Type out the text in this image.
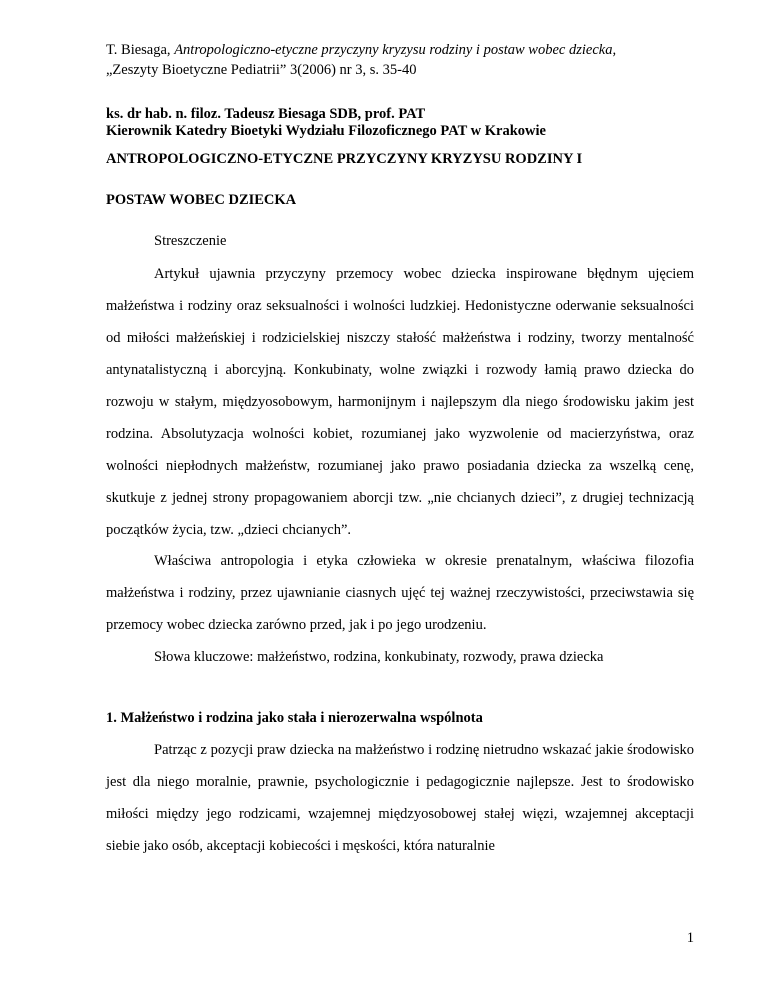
T. Biesaga, Antropologiczno-etyczne przyczyny kryzysu rodziny i postaw wobec dziecka,
„Zeszyty Bioetyczne Pediatrii” 3(2006) nr 3, s. 35-40
ks. dr hab. n. filoz. Tadeusz Biesaga SDB, prof. PAT
Kierownik Katedry Bioetyki Wydziału Filozoficznego PAT w Krakowie
ANTROPOLOGICZNO-ETYCZNE PRZYCZYNY KRYZYSU RODZINY I
POSTAW WOBEC DZIECKA
Streszczenie

Artykuł ujawnia przyczyny przemocy wobec dziecka inspirowane błędnym ujęciem małżeństwa i rodziny oraz seksualności i wolności ludzkiej. Hedonistyczne oderwanie seksualności od miłości małżeńskiej i rodzicielskiej niszczy stałość małżeństwa i rodziny, tworzy mentalność antynatalistyczną i aborcyjną. Konkubinaty, wolne związki i rozwody łamią prawo dziecka do rozwoju w stałym, międzyosobowym, harmonijnym i najlepszym dla niego środowisku jakim jest rodzina. Absolutyzacja wolności kobiet, rozumianej jako wyzwolenie od macierzyństwa, oraz wolności niepłodnych małżeństw, rozumianej jako prawo posiadania dziecka za wszelką cenę, skutkuje z jednej strony propagowaniem aborcji tzw. „nie chcianych dzieci”, z drugiej technizacją początków życia, tzw. „dzieci chcianych”.

Właściwa antropologia i etyka człowieka w okresie prenatalnym, właściwa filozofia małżeństwa i rodziny, przez ujawnianie ciasnych ujęć tej ważnej rzeczywistości, przeciwstawia się przemocy wobec dziecka zarówno przed, jak i po jego urodzeniu.

Słowa kluczowe: małżeństwo, rodzina, konkubinaty, rozwody, prawa dziecka
1. Małżeństwo i rodzina jako stała i nierozerwalna wspólnota

Patrząc z pozycji praw dziecka na małżeństwo i rodzinę nietrudno wskazać jakie środowisko jest dla niego moralnie, prawnie, psychologicznie i pedagogicznie najlepsze. Jest to środowisko miłości między jego rodzicami, wzajemnej międzyosobowej stałej więzi, wzajemnej akceptacji siebie jako osób, akceptacji kobiecości i męskości, która naturalnie

1
